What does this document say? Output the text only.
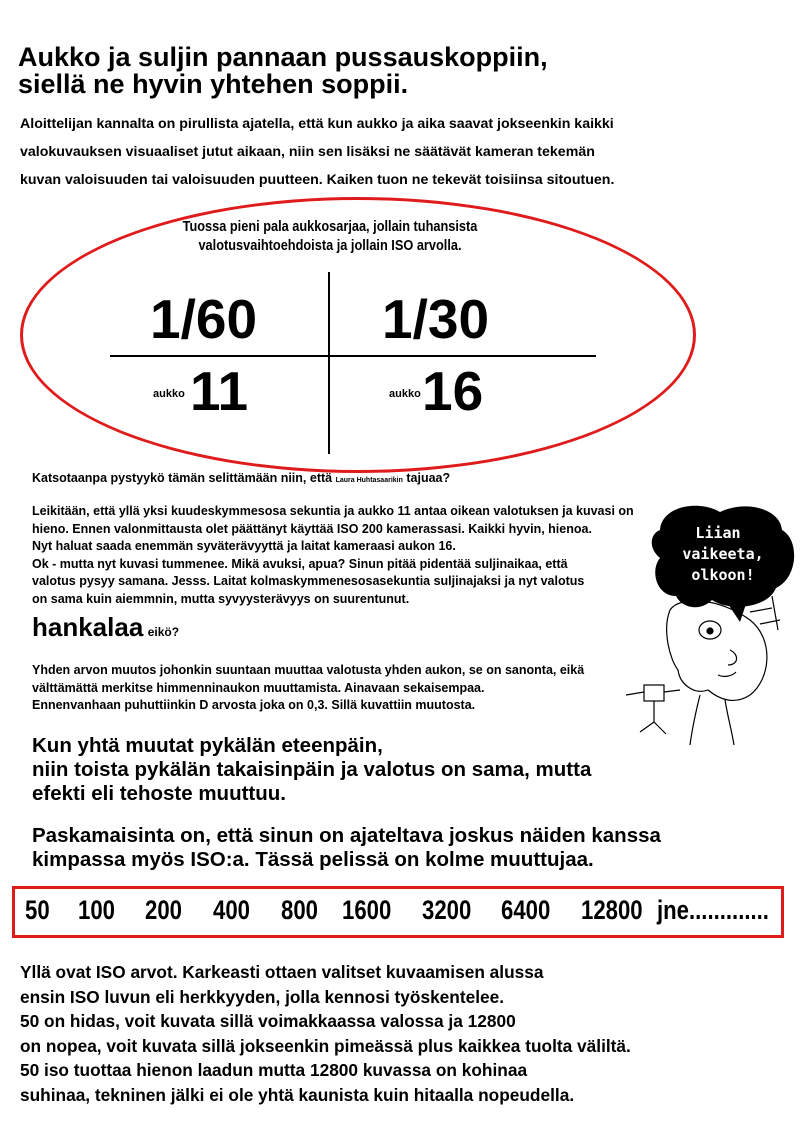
Aukko ja suljin pannaan pussauskoppiin,
siellä ne hyvin yhtehen soppii.
Aloittelijan kannalta on pirullista ajatella, että kun aukko ja aika saavat jokseenkin kaikki
valokuvauksen visuaaliset jutut aikaan, niin sen lisäksi ne säätävät kameran tekemän
kuvan valoisuuden tai valoisuuden puutteen. Kaiken tuon ne tekevät toisiinsa sitoutuen.
Tuossa pieni pala aukkosarjaa, jollain tuhansista
valotusvaihtoehdoista ja jollain ISO arvolla.
1/60 1/30
aukko 11	aukko 16
Katsotaanpa pystyykö tämän selittämään niin, että Laura Huhtasaarikin tajuaa?
Leikitään, että yllä yksi kuudeskymmesosa sekuntia ja aukko 11 antaa oikean valotuksen ja kuvasi on
hieno. Ennen valonmittausta olet päättänyt käyttää ISO 200 kamerassasi. Kaikki hyvin, hienoa.
Nyt haluat saada enemmän syväterävyyttä ja laitat kameraasi aukon 16.
Ok - mutta nyt kuvasi tummenee. Mikä avuksi, apua? Sinun pitää pidentää suljinaikaa, että
valotus pysyy samana. Jesss. Laitat kolmaskymmenesosasekuntia suljinajaksi ja nyt valotus
on sama kuin aiemmnin, mutta syvyysterävyys on suurentunut.
hankalaa eikö?
Yhden arvon muutos johonkin suuntaan muuttaa valotusta yhden aukon, se on sanonta, eikä
välttämättä merkitse himmenninaukon muuttamista. Ainavaan sekaisempaa.
Ennenvanhaan puhuttiinkin D arvosta joka on 0,3. Sillä kuvattiin muutosta.
Kun yhtä muutat pykälän eteenpäin,
niin toista pykälän takaisinpäin ja valotus on sama, mutta
efekti eli tehoste muuttuu.
Paskamaisinta on, että sinun on ajateltava joskus näiden kanssa
kimpassa myös ISO:a. Tässä pelissä on kolme muuttujaa.
50 100 200 400 800 1600 3200 6400 12800 jne.............
Yllä ovat ISO arvot. Karkeasti ottaen valitset kuvaamisen alussa
ensin ISO luvun eli herkkyyden, jolla kennosi työskentelee.
50 on hidas, voit kuvata sillä voimakkaassa valossa ja 12800
on nopea, voit kuvata sillä jokseenkin pimeässä plus kaikkea tuolta väliltä.
50 iso tuottaa hienon laadun mutta 12800 kuvassa on kohinaa
suhinaa, tekninen jälki ei ole yhtä kaunista kuin hitaalla nopeudella.
Liian
vaikeeta,
olkoon!
